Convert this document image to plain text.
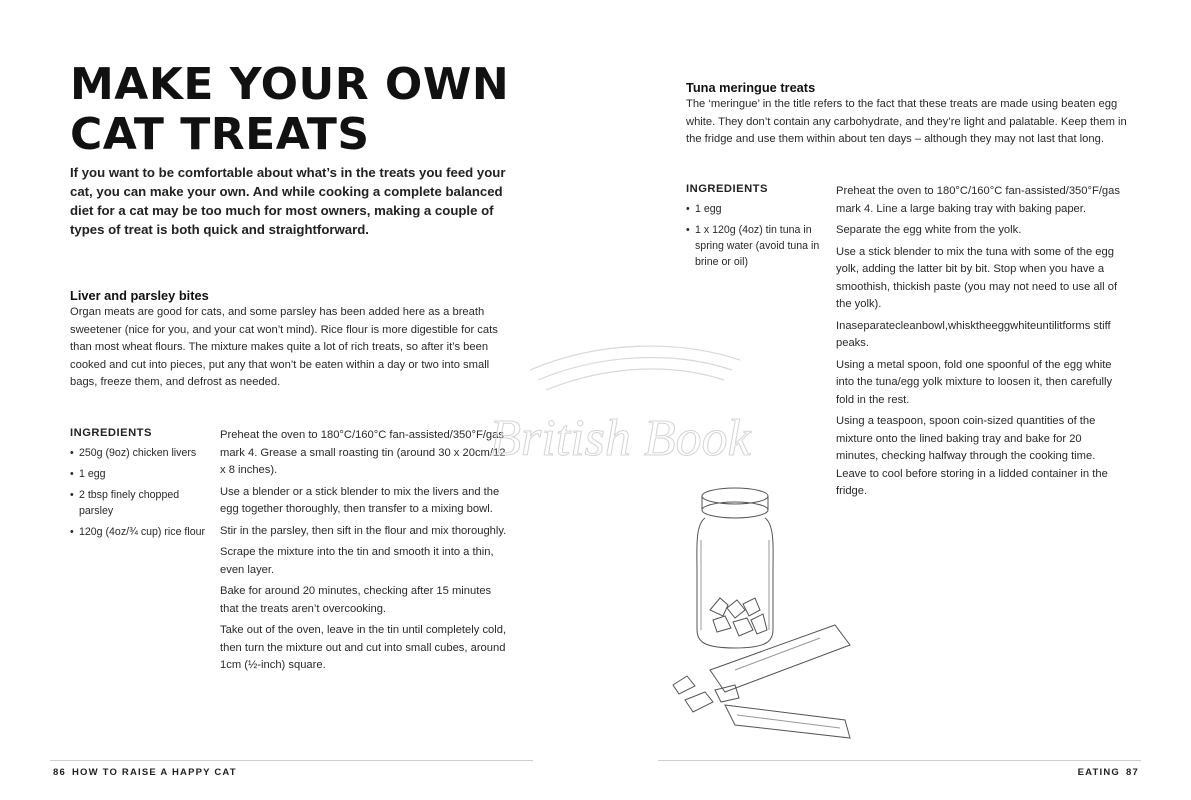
MAKE YOUR OWN CAT TREATS

If you want to be comfortable about what’s in the treats you feed your cat, you can make your own. And while cooking a complete balanced diet for a cat may be too much for most owners, making a couple of types of treat is both quick and straightforward.

Liver and parsley bites

Organ meats are good for cats, and some parsley has been added here as a breath sweetener (nice for you, and your cat won’t mind). Rice flour is more digestible for cats than most wheat flours. The mixture makes quite a lot of rich treats, so after it’s been cooked and cut into pieces, put any that won’t be eaten within a day or two into small bags, freeze them, and defrost as needed.

INGREDIENTS
• 250g (9oz) chicken livers
• 1 egg
• 2 tbsp finely chopped parsley
• 120g (4oz/¾ cup) rice flour

Preheat the oven to 180°C/160°C fan-assisted/350°F/gas mark 4. Grease a small roasting tin (around 30 x 20cm/12 x 8 inches).

Use a blender or a stick blender to mix the livers and the egg together thoroughly, then transfer to a mixing bowl.

Stir in the parsley, then sift in the flour and mix thoroughly.

Scrape the mixture into the tin and smooth it into a thin, even layer.

Bake for around 20 minutes, checking after 15 minutes that the treats aren’t overcooking.

Take out of the oven, leave in the tin until completely cold, then turn the mixture out and cut into small cubes, around 1cm (½-inch) square.

86 HOW TO RAISE A HAPPY CAT
Tuna meringue treats

The ‘meringue’ in the title refers to the fact that these treats are made using beaten egg white. They don’t contain any carbohydrate, and they’re light and palatable. Keep them in the fridge and use them within about ten days – although they may not last that long.

INGREDIENTS
• 1 egg
• 1 x 120g (4oz) tin tuna in spring water (avoid tuna in brine or oil)

Preheat the oven to 180°C/160°C fan-assisted/350°F/gas mark 4. Line a large baking tray with baking paper.

Separate the egg white from the yolk.

Use a stick blender to mix the tuna with some of the egg yolk, adding the latter bit by bit. Stop when you have a smoothish, thickish paste (you may not need to use all of the yolk).

Inaseparatecleanbowl,whisktheeggwhiteuntilitforms stiff peaks.

Using a metal spoon, fold one spoonful of the egg white into the tuna/egg yolk mixture to loosen it, then carefully fold in the rest.

Using a teaspoon, spoon coin-sized quantities of the mixture onto the lined baking tray and bake for 20 minutes, checking halfway through the cooking time. Leave to cool before storing in a lidded container in the fridge.

EATING 87
British Book
